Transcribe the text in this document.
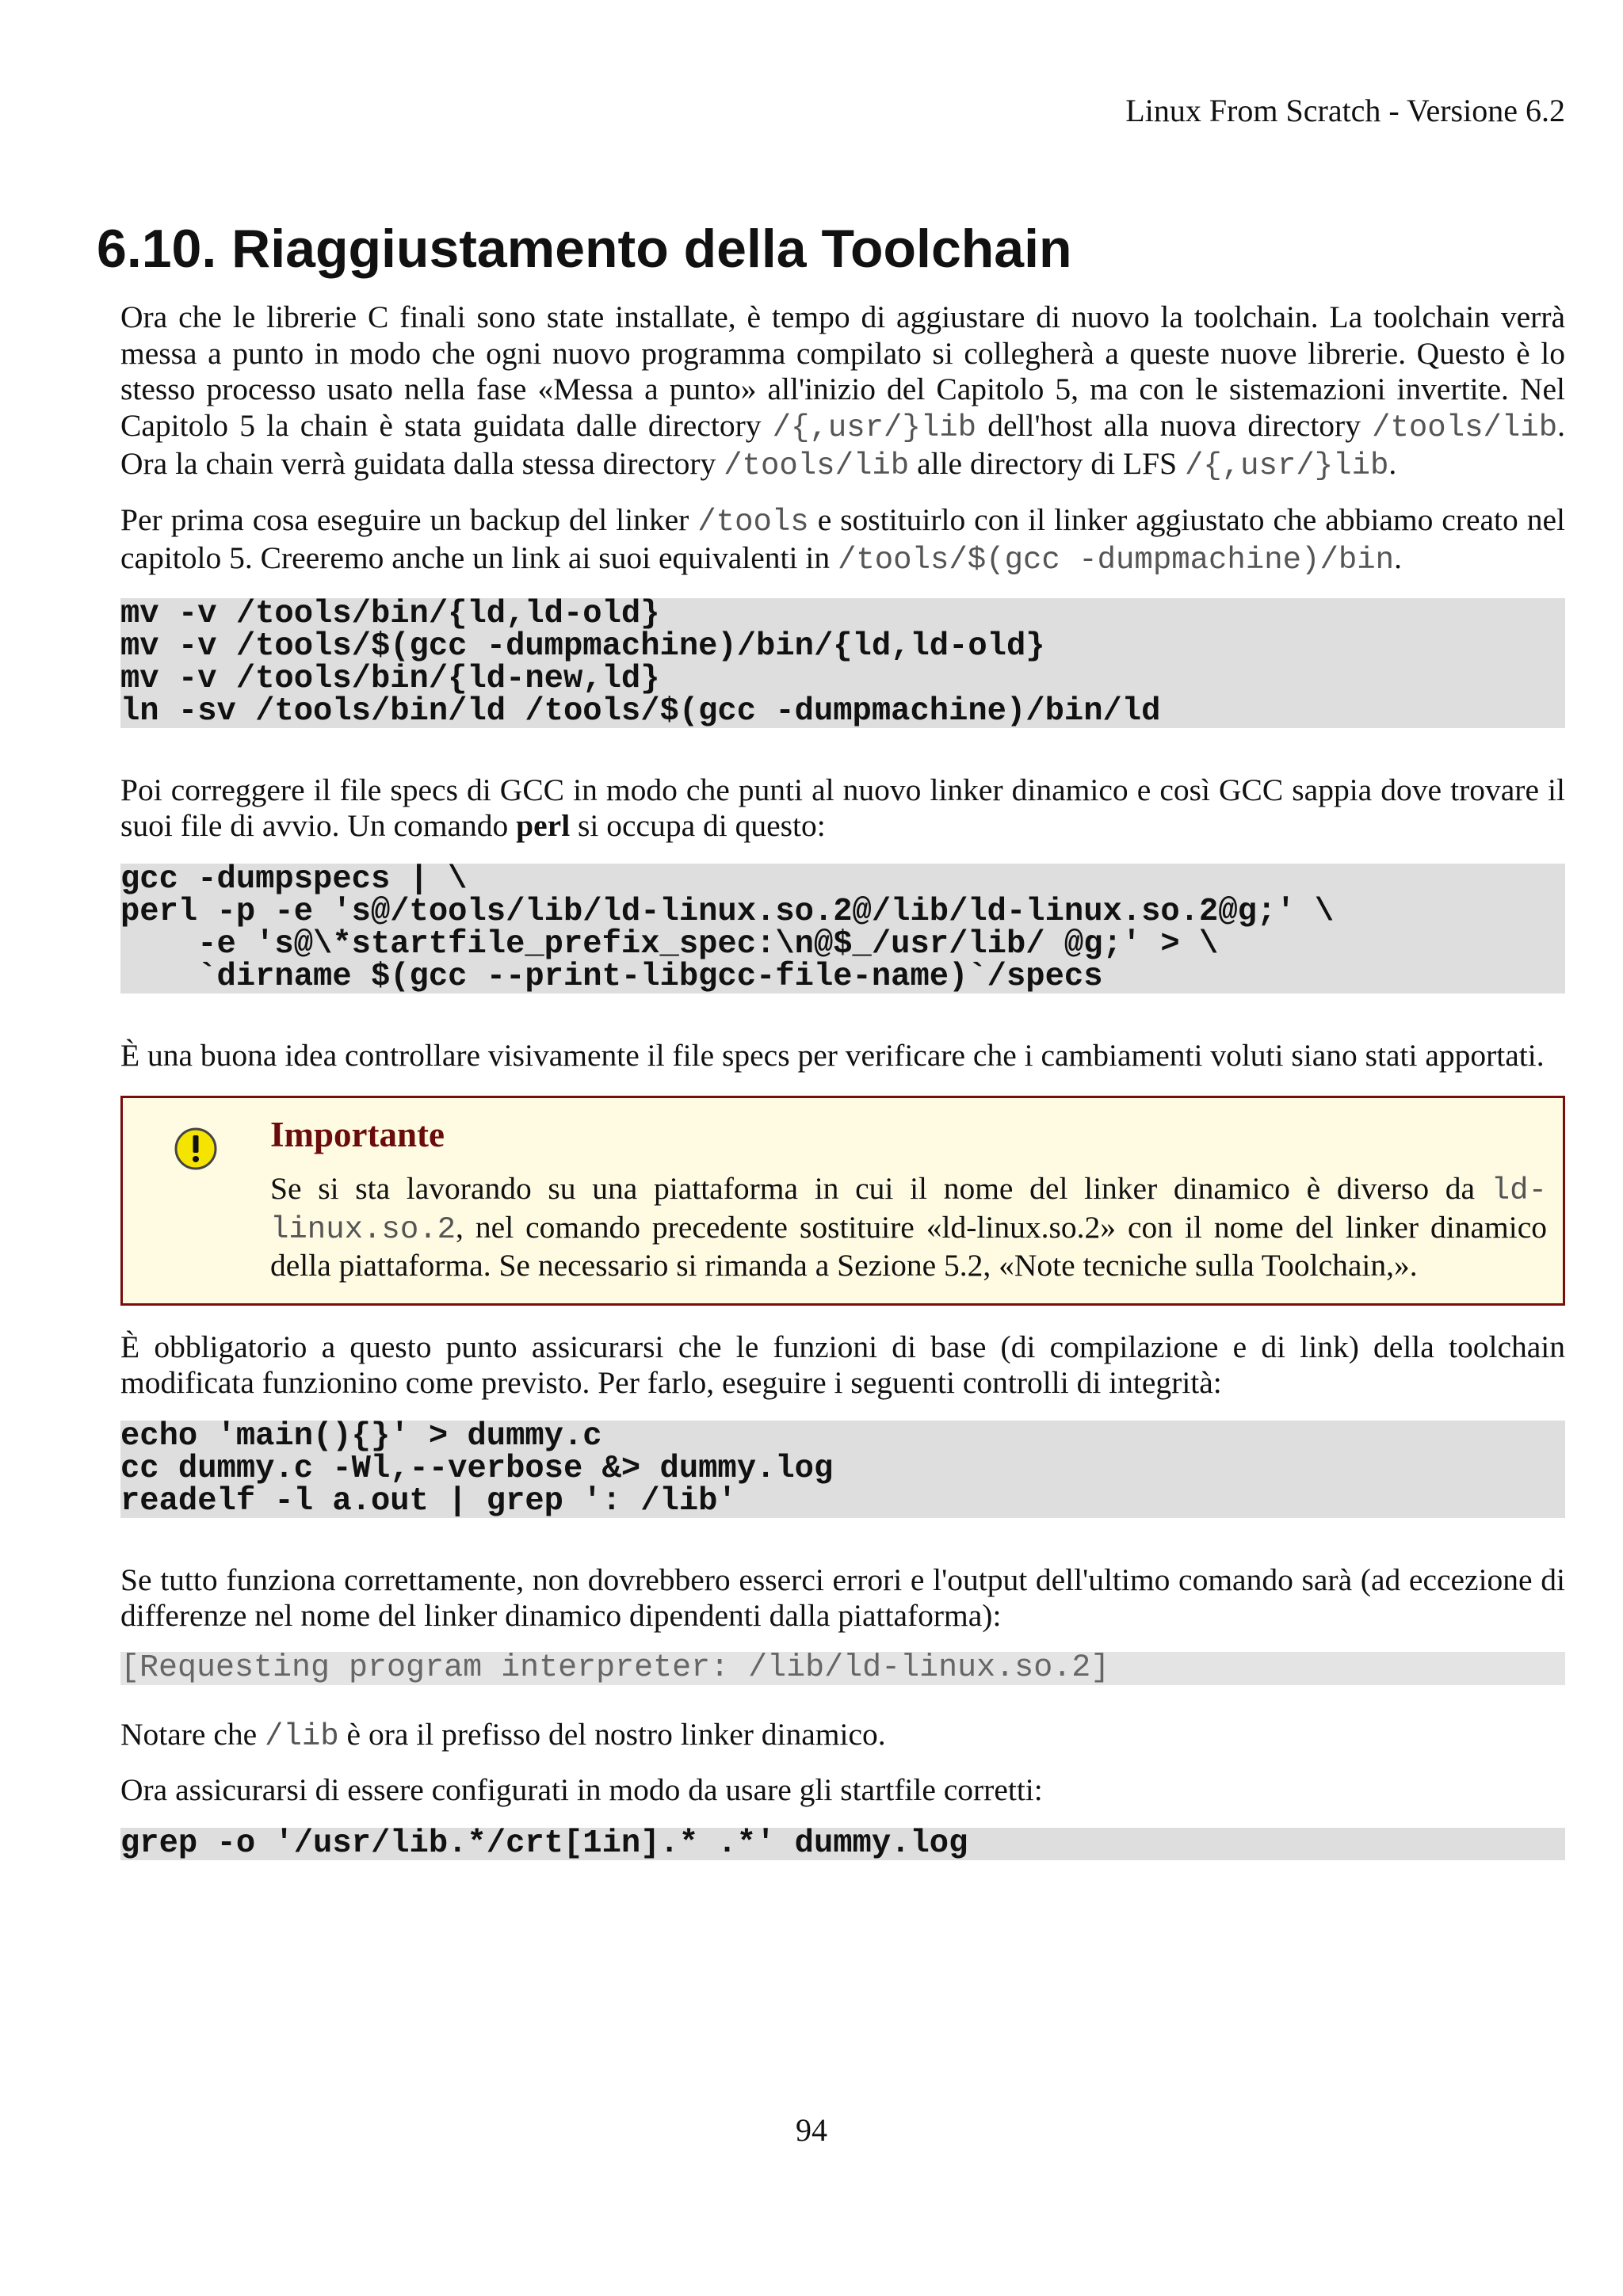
Linux From Scratch - Versione 6.2
6.10. Riaggiustamento della Toolchain

Ora che le librerie C finali sono state installate, è tempo di aggiustare di nuovo la toolchain. La toolchain verrà messa a punto in modo che ogni nuovo programma compilato si collegherà a queste nuove librerie. Questo è lo stesso processo usato nella fase «Messa a punto» all'inizio del Capitolo 5, ma con le sistemazioni invertite. Nel Capitolo 5 la chain è stata guidata dalle directory /{,usr/}lib dell'host alla nuova directory /tools/lib. Ora la chain verrà guidata dalla stessa directory /tools/lib alle directory di LFS /{,usr/}lib.

Per prima cosa eseguire un backup del linker /tools e sostituirlo con il linker aggiustato che abbiamo creato nel capitolo 5. Creeremo anche un link ai suoi equivalenti in /tools/$(gcc -dumpmachine)/bin.

mv -v /tools/bin/{ld,ld-old}
mv -v /tools/$(gcc -dumpmachine)/bin/{ld,ld-old}
mv -v /tools/bin/{ld-new,ld}
ln -sv /tools/bin/ld /tools/$(gcc -dumpmachine)/bin/ld

Poi correggere il file specs di GCC in modo che punti al nuovo linker dinamico e così GCC sappia dove trovare il suoi file di avvio. Un comando perl si occupa di questo:

gcc -dumpspecs | \
perl -p -e 's@/tools/lib/ld-linux.so.2@/lib/ld-linux.so.2@g;' \
-e 's@\*startfile_prefix_spec:\n@$_/usr/lib/ @g;' > \
`dirname $(gcc --print-libgcc-file-name)`/specs

È una buona idea controllare visivamente il file specs per verificare che i cambiamenti voluti siano stati apportati.

Importante

Se si sta lavorando su una piattaforma in cui il nome del linker dinamico è diverso da ld-linux.so.2, nel comando precedente sostituire «ld-linux.so.2» con il nome del linker dinamico della piattaforma. Se necessario si rimanda a Sezione 5.2, «Note tecniche sulla Toolchain,».

È obbligatorio a questo punto assicurarsi che le funzioni di base (di compilazione e di link) della toolchain modificata funzionino come previsto. Per farlo, eseguire i seguenti controlli di integrità:

echo 'main(){}' > dummy.c
cc dummy.c -Wl,--verbose &> dummy.log
readelf -l a.out | grep ': /lib'

Se tutto funziona correttamente, non dovrebbero esserci errori e l'output dell'ultimo comando sarà (ad eccezione di differenze nel nome del linker dinamico dipendenti dalla piattaforma):

[Requesting program interpreter: /lib/ld-linux.so.2]

Notare che /lib è ora il prefisso del nostro linker dinamico.

Ora assicurarsi di essere configurati in modo da usare gli startfile corretti:

grep -o '/usr/lib.*/crt[1in].* .*' dummy.log
94
